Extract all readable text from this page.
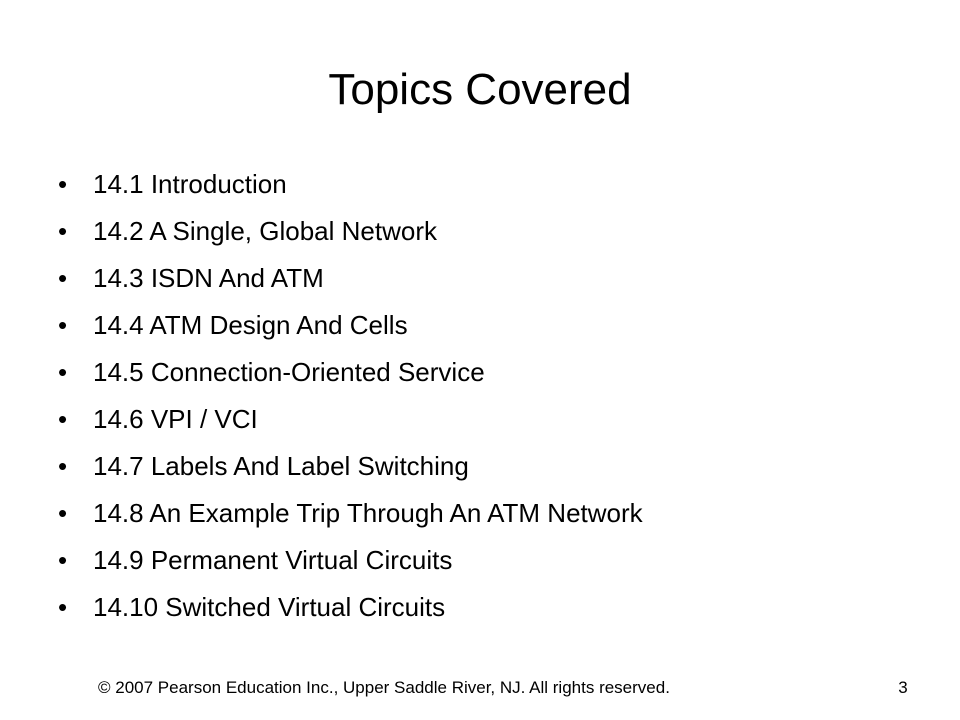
Topics Covered
• 14.1 Introduction
• 14.2 A Single, Global Network
• 14.3 ISDN And ATM
• 14.4 ATM Design And Cells
• 14.5 Connection-Oriented Service
• 14.6 VPI / VCI
• 14.7 Labels And Label Switching
• 14.8 An Example Trip Through An ATM Network
• 14.9 Permanent Virtual Circuits
• 14.10 Switched Virtual Circuits
© 2007 Pearson Education Inc., Upper Saddle River, NJ. All rights reserved.	3
